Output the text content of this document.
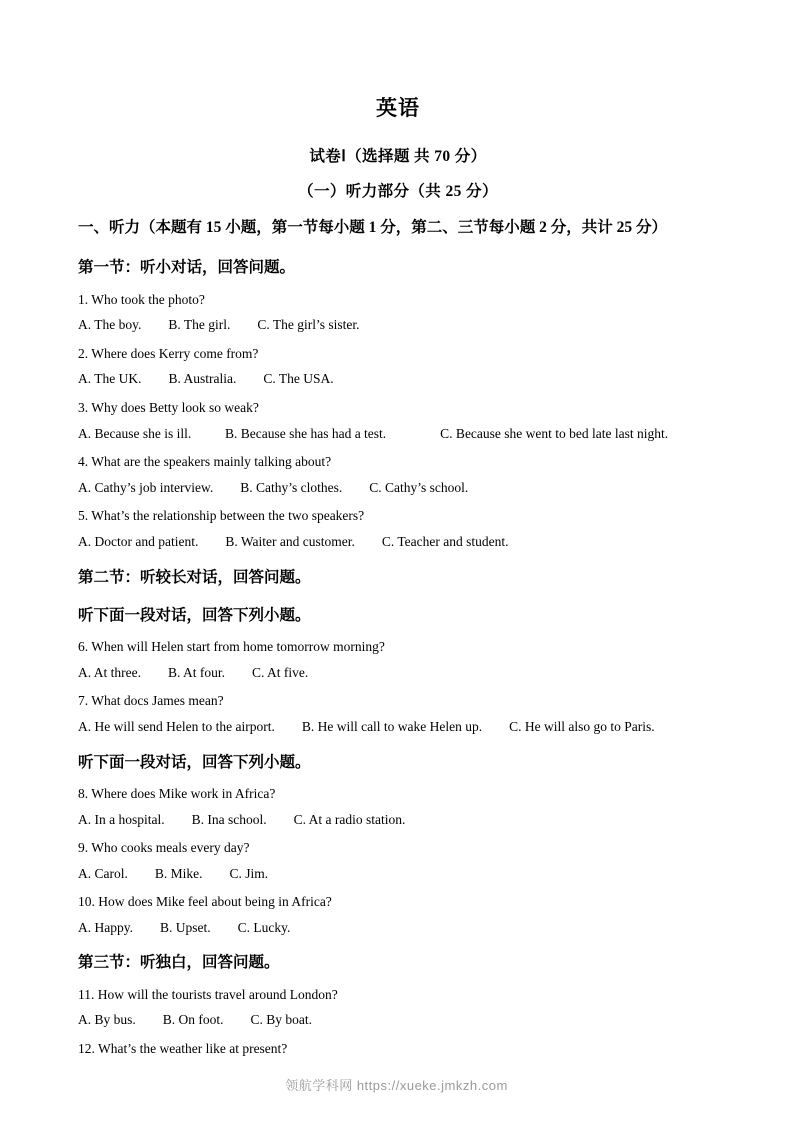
英语
试卷Ⅰ（选择题 共 70 分）
（一）听力部分（共 25 分）
一、听力（本题有 15 小题，第一节每小题 1 分，第二、三节每小题 2 分，共计 25 分）
第一节：听小对话，回答问题。
1. Who took the photo?
A. The boy.        B. The girl.        C. The girl’s sister.
2. Where does Kerry come from?
A. The UK.        B. Australia.        C. The USA.
3. Why does Betty look so weak?
A. Because she is ill.          B. Because she has had a test.                C. Because she went to bed late last night.
4. What are the speakers mainly talking about?
A. Cathy’s job interview.        B. Cathy’s clothes.        C. Cathy’s school.
5. What’s the relationship between the two speakers?
A. Doctor and patient.        B. Waiter and customer.        C. Teacher and student.
第二节：听较长对话，回答问题。
听下面一段对话，回答下列小题。
6. When will Helen start from home tomorrow morning?
A. At three.        B. At four.        C. At five.
7. What docs James mean?
A. He will send Helen to the airport.        B. He will call to wake Helen up.        C. He will also go to Paris.
听下面一段对话，回答下列小题。
8. Where does Mike work in Africa?
A. In a hospital.        B. Ina school.        C. At a radio station.
9. Who cooks meals every day?
A. Carol.        B. Mike.        C. Jim.
10. How does Mike feel about being in Africa?
A. Happy.        B. Upset.        C. Lucky.
第三节：听独白，回答问题。
11. How will the tourists travel around London?
A. By bus.        B. On foot.        C. By boat.
12. What’s the weather like at present?
领航学科网 https://xueke.jmkzh.com
